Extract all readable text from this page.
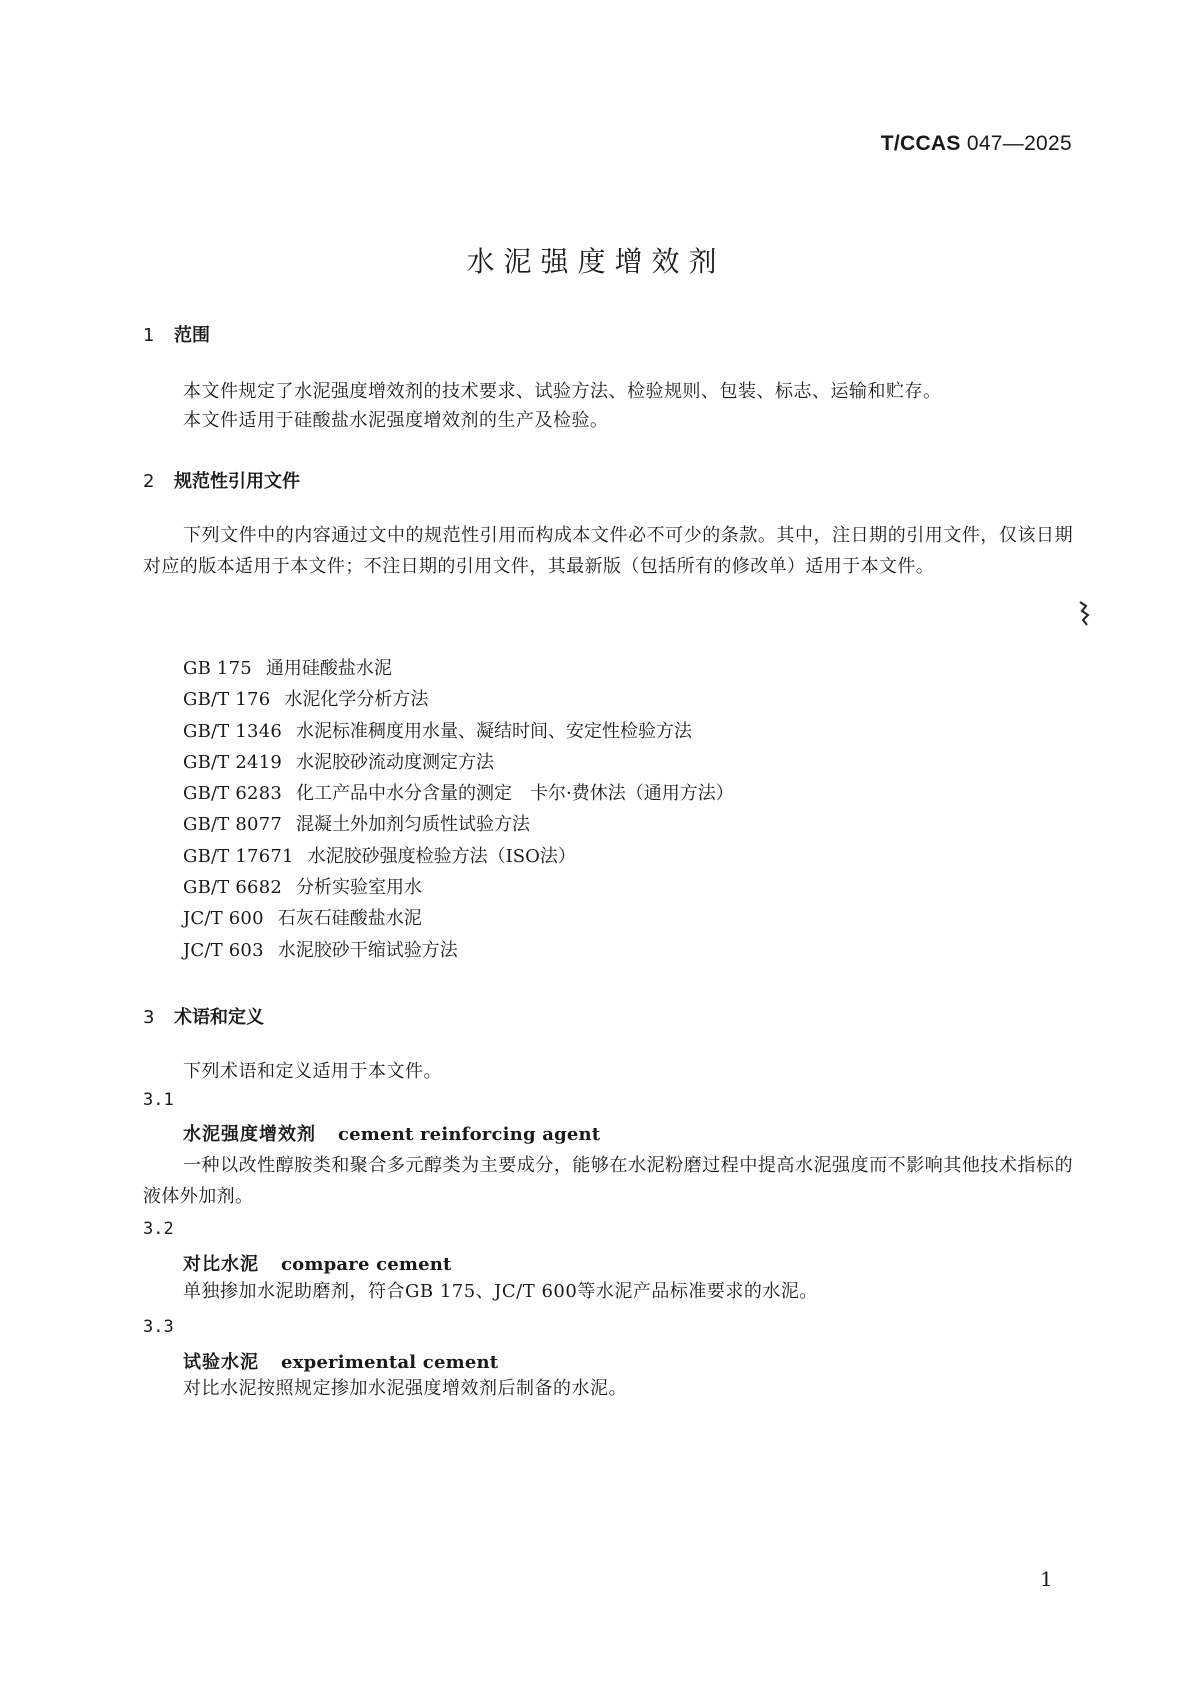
T/CCAS 047—2025
水泥强度增效剂
1 范围
本文件规定了水泥强度增效剂的技术要求、试验方法、检验规则、包装、标志、运输和贮存。
本文件适用于硅酸盐水泥强度增效剂的生产及检验。
2 规范性引用文件
下列文件中的内容通过文中的规范性引用而构成本文件必不可少的条款。其中，注日期的引用文件，仅该日期对应的版本适用于本文件；不注日期的引用文件，其最新版（包括所有的修改单）适用于本文件。
GB 175 通用硅酸盐水泥
GB/T 176 水泥化学分析方法
GB/T 1346 水泥标准稠度用水量、凝结时间、安定性检验方法
GB/T 2419 水泥胶砂流动度测定方法
GB/T 6283 化工产品中水分含量的测定　卡尔·费休法（通用方法）
GB/T 8077 混凝土外加剂匀质性试验方法
GB/T 17671 水泥胶砂强度检验方法（ISO法）
GB/T 6682 分析实验室用水
JC/T 600 石灰石硅酸盐水泥
JC/T 603 水泥胶砂干缩试验方法
3 术语和定义
下列术语和定义适用于本文件。
3.1
水泥强度增效剂 cement reinforcing agent
一种以改性醇胺类和聚合多元醇类为主要成分，能够在水泥粉磨过程中提高水泥强度而不影响其他技术指标的液体外加剂。
3.2
对比水泥 compare cement
单独掺加水泥助磨剂，符合GB 175、JC/T 600等水泥产品标准要求的水泥。
3.3
试验水泥 experimental cement
对比水泥按照规定掺加水泥强度增效剂后制备的水泥。
1
